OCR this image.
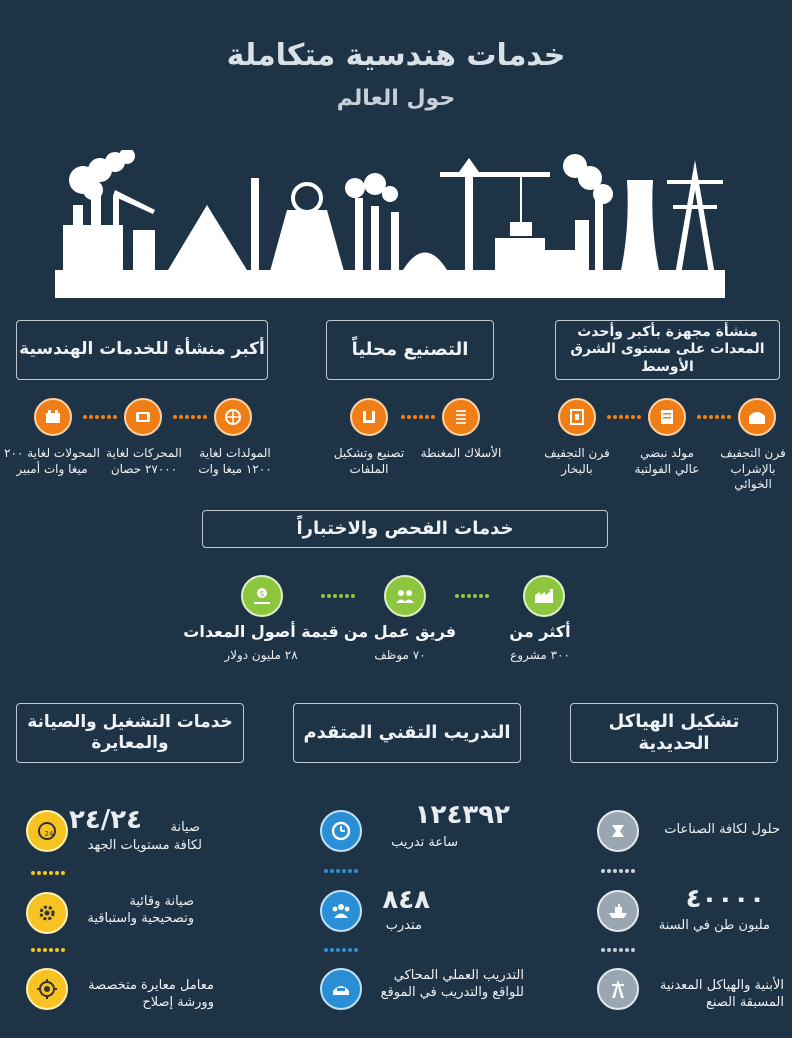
خدمات هندسية متكاملة
حول العالم
منشأة مجهزة بأكبر وأحدث المعدات على مستوى الشرق الأوسط
التصنيع محلياً
أكبر منشأة للخدمات الهندسية
فرن التجفيف بالإشراب الخوائي
مولد نبضي عالي الفولتية
فرن التجفيف بالبخار
الأسلاك المغنطة
تصنيع وتشكيل الملفات
المولدات لغاية ١٢٠٠ ميغا وات
المحركات لغاية ٢٧٠٠٠ حصان
المحولات لغاية ٢٠٠ ميغا وات أمبير
خدمات الفحص والاختباراً
$
أكثر من
٣٠٠ مشروع
فريق عمل من
٧٠ موظف
قيمة أصول المعدات
٢٨ مليون دولار
تشكيل الهياكل الحديدية
التدريب التقني المتقدم
خدمات التشغيل والصيانة والمعايرة
حلول لكافة الصناعات
٤٠٠٠٠
مليون طن في السنة
الأبنية والهياكل المعدنية المسبقة الصنع
١٢٤٣٩٢
ساعة تدريب
٨٤٨
متدرب
التدريب العملي المحاكي للواقع والتدريب في الموقع
24 ٢٤/٢٤	صيانة
لكافة مستويات الجهد
صيانة وقائية وتصحيحية واستباقية
معامل معايرة متخصصة وورشة إصلاح
